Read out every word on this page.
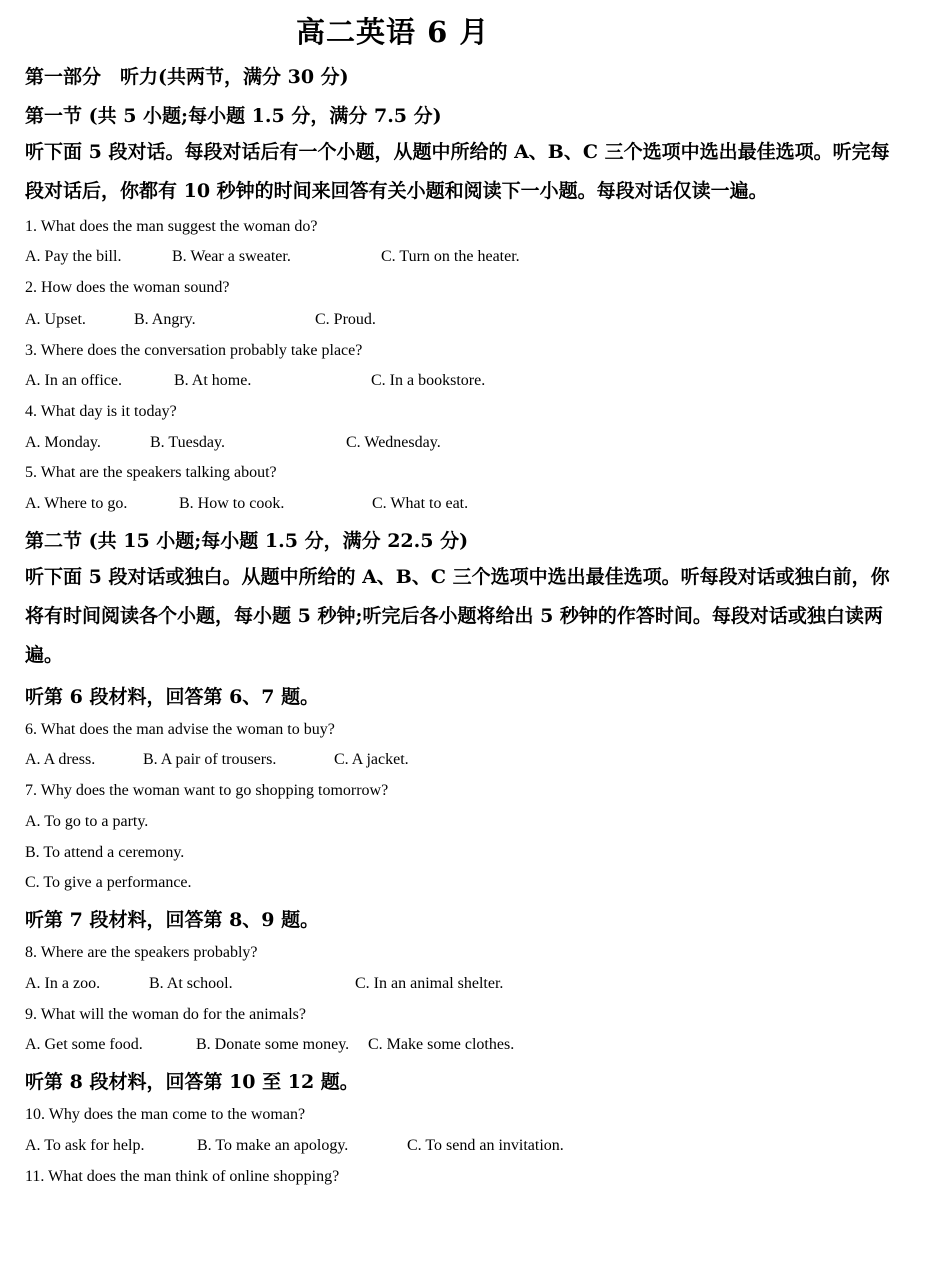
高二英语 6 月
第一部分　听力(共两节，满分 30 分)
第一节 (共 5 小题;每小题 1.5 分，满分 7.5 分)
听下面 5 段对话。每段对话后有一个小题，从题中所给的 A、B、C 三个选项中选出最佳选项。听完每
段对话后，你都有 10 秒钟的时间来回答有关小题和阅读下一小题。每段对话仅读一遍。
1. What does the man suggest the woman do?
A. Pay the bill.	B. Wear a sweater.	C. Turn on the heater.
2. How does the woman sound?
A. Upset.	B. Angry.	C. Proud.
3. Where does the conversation probably take place?
A. In an office.	B. At home.	C. In a bookstore.
4. What day is it today?
A. Monday.	B. Tuesday.	C. Wednesday.
5. What are the speakers talking about?
A. Where to go.	B. How to cook.	C. What to eat.
第二节 (共 15 小题;每小题 1.5 分，满分 22.5 分)
听下面 5 段对话或独白。从题中所给的 A、B、C 三个选项中选出最佳选项。听每段对话或独白前，你
将有时间阅读各个小题，每小题 5 秒钟;听完后各小题将给出 5 秒钟的作答时间。每段对话或独白读两
遍。
听第 6 段材料，回答第 6、7 题。
6. What does the man advise the woman to buy?
A. A dress.	B. A pair of trousers.	C. A jacket.
7. Why does the woman want to go shopping tomorrow?
A. To go to a party.
B. To attend a ceremony.
C. To give a performance.
听第 7 段材料，回答第 8、9 题。
8. Where are the speakers probably?
A. In a zoo.	B. At school.	C. In an animal shelter.
9. What will the woman do for the animals?
A. Get some food.	B. Donate some money. C. Make some clothes.
听第 8 段材料，回答第 10 至 12 题。
10. Why does the man come to the woman?
A. To ask for help.	B. To make an apology.	C. To send an invitation.
11. What does the man think of online shopping?
